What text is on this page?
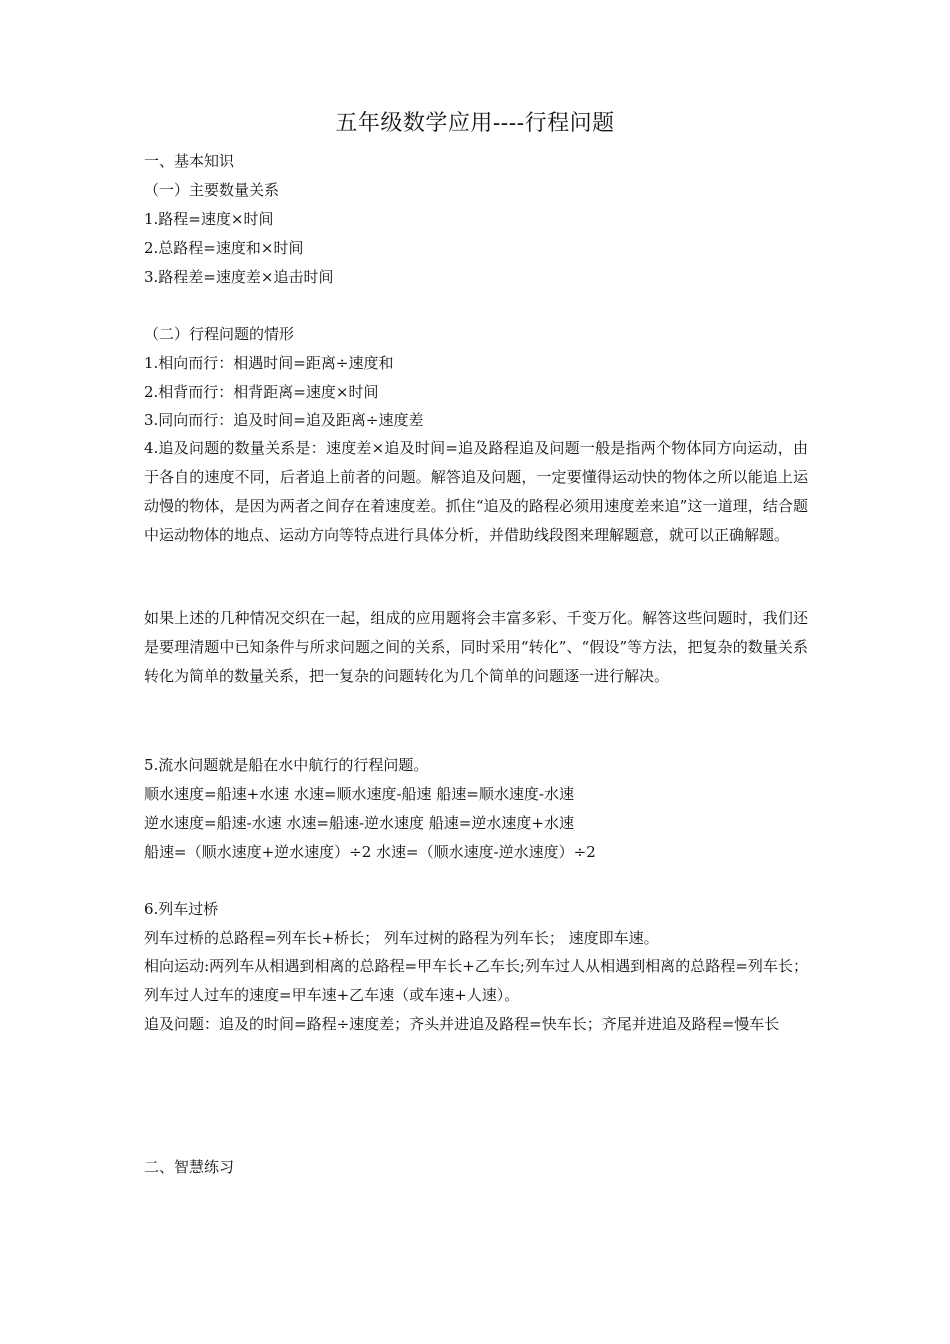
五年级数学应用----行程问题
一、基本知识
（一）主要数量关系
1.路程=速度×时间
2.总路程=速度和×时间
3.路程差=速度差×追击时间
（二）行程问题的情形
1.相向而行：相遇时间=距离÷速度和
2.相背而行：相背距离=速度×时间
3.同向而行：追及时间=追及距离÷速度差
4.追及问题的数量关系是：速度差×追及时间=追及路程追及问题一般是指两个物体同方向运动，由于各自的速度不同，后者追上前者的问题。解答追及问题，一定要懂得运动快的物体之所以能追上运动慢的物体，是因为两者之间存在着速度差。抓住“追及的路程必须用速度差来追”这一道理，结合题中运动物体的地点、运动方向等特点进行具体分析，并借助线段图来理解题意，就可以正确解题。
如果上述的几种情况交织在一起，组成的应用题将会丰富多彩、千变万化。解答这些问题时，我们还是要理清题中已知条件与所求问题之间的关系，同时采用“转化”、“假设”等方法，把复杂的数量关系转化为简单的数量关系，把一复杂的问题转化为几个简单的问题逐一进行解决。
5.流水问题就是船在水中航行的行程问题。
顺水速度=船速+水速 水速=顺水速度-船速 船速=顺水速度-水速
逆水速度=船速-水速 水速=船速-逆水速度 船速=逆水速度+水速
船速=（顺水速度+逆水速度）÷2 水速=（顺水速度-逆水速度）÷2
6.列车过桥
列车过桥的总路程=列车长+桥长； 列车过树的路程为列车长； 速度即车速。
相向运动:两列车从相遇到相离的总路程=甲车长+乙车长;列车过人从相遇到相离的总路程=列车长；列车过人过车的速度=甲车速+乙车速（或车速+人速）。
追及问题：追及的时间=路程÷速度差；齐头并进追及路程=快车长；齐尾并进追及路程=慢车长
二、智慧练习
